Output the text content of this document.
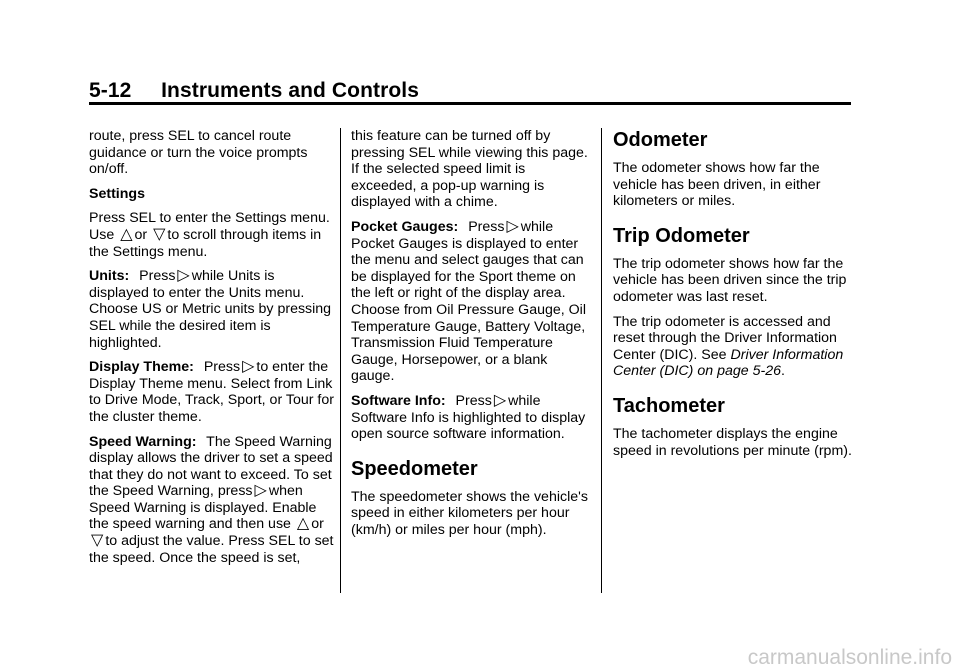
5-12     Instruments and Controls

route, press SEL to cancel route guidance or turn the voice prompts on/off.

Settings

Press SEL to enter the Settings menu. Use △ or ▽ to scroll through items in the Settings menu.

Units: Press ▷ while Units is displayed to enter the Units menu. Choose US or Metric units by pressing SEL while the desired item is highlighted.

Display Theme: Press ▷ to enter the Display Theme menu. Select from Link to Drive Mode, Track, Sport, or Tour for the cluster theme.

Speed Warning: The Speed Warning display allows the driver to set a speed that they do not want to exceed. To set the Speed Warning, press ▷ when Speed Warning is displayed. Enable the speed warning and then use △ or ▽ to adjust the value. Press SEL to set the speed. Once the speed is set,

this feature can be turned off by pressing SEL while viewing this page. If the selected speed limit is exceeded, a pop-up warning is displayed with a chime.

Pocket Gauges: Press ▷ while Pocket Gauges is displayed to enter the menu and select gauges that can be displayed for the Sport theme on the left or right of the display area. Choose from Oil Pressure Gauge, Oil Temperature Gauge, Battery Voltage, Transmission Fluid Temperature Gauge, Horsepower, or a blank gauge.

Software Info: Press ▷ while Software Info is highlighted to display open source software information.

Speedometer

The speedometer shows the vehicle's speed in either kilometers per hour (km/h) or miles per hour (mph).

Odometer

The odometer shows how far the vehicle has been driven, in either kilometers or miles.

Trip Odometer

The trip odometer shows how far the vehicle has been driven since the trip odometer was last reset.

The trip odometer is accessed and reset through the Driver Information Center (DIC). See Driver Information Center (DIC) on page 5-26.

Tachometer

The tachometer displays the engine speed in revolutions per minute (rpm).

carmanualsonline.info
